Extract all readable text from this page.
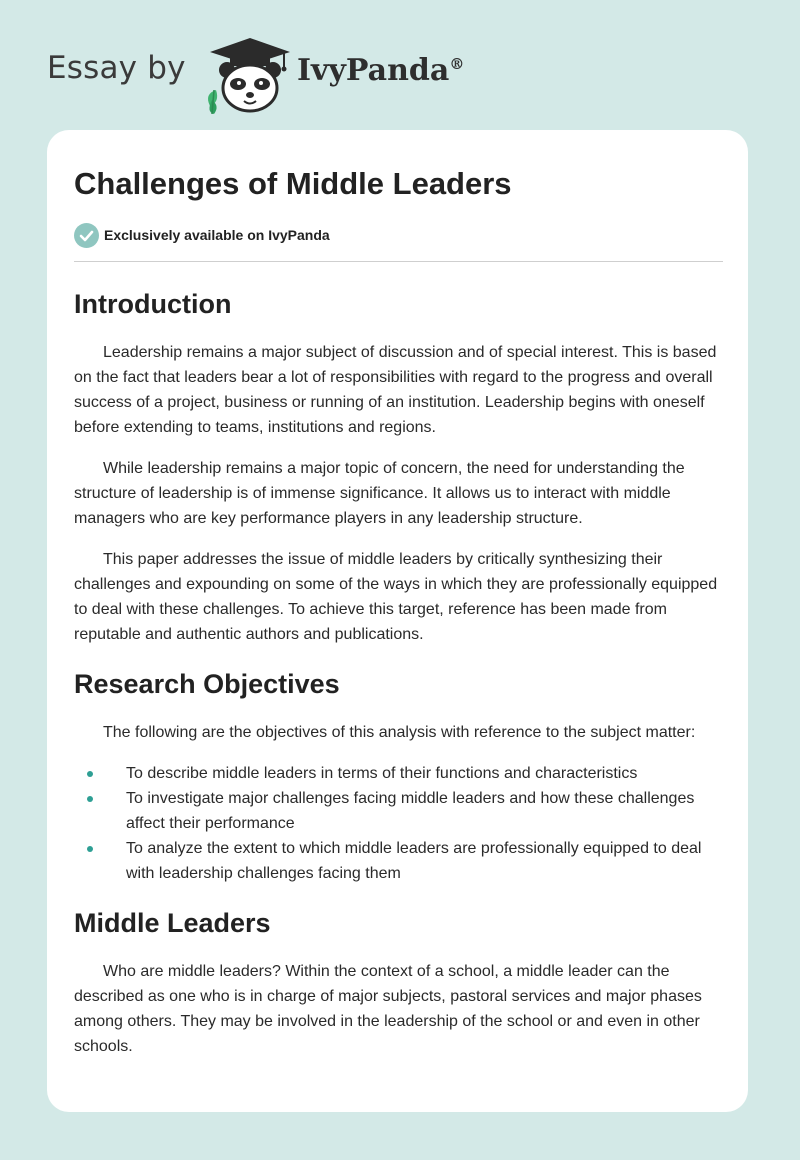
Essay by	IvyPanda®
Challenges of Middle Leaders
Exclusively available on IvyPanda
Introduction

Leadership remains a major subject of discussion and of special interest. This is based on the fact that leaders bear a lot of responsibilities with regard to the progress and overall success of a project, business or running of an institution. Leadership begins with oneself before extending to teams, institutions and regions.

While leadership remains a major topic of concern, the need for understanding the structure of leadership is of immense significance. It allows us to interact with middle managers who are key performance players in any leadership structure.

This paper addresses the issue of middle leaders by critically synthesizing their challenges and expounding on some of the ways in which they are professionally equipped to deal with these challenges. To achieve this target, reference has been made from reputable and authentic authors and publications.

Research Objectives

The following are the objectives of this analysis with reference to the subject matter:

To describe middle leaders in terms of their functions and characteristics
To investigate major challenges facing middle leaders and how these challenges affect their performance
To analyze the extent to which middle leaders are professionally equipped to deal with leadership challenges facing them
Middle Leaders

Who are middle leaders? Within the context of a school, a middle leader can the described as one who is in charge of major subjects, pastoral services and major phases among others. They may be involved in the leadership of the school or and even in other schools.
